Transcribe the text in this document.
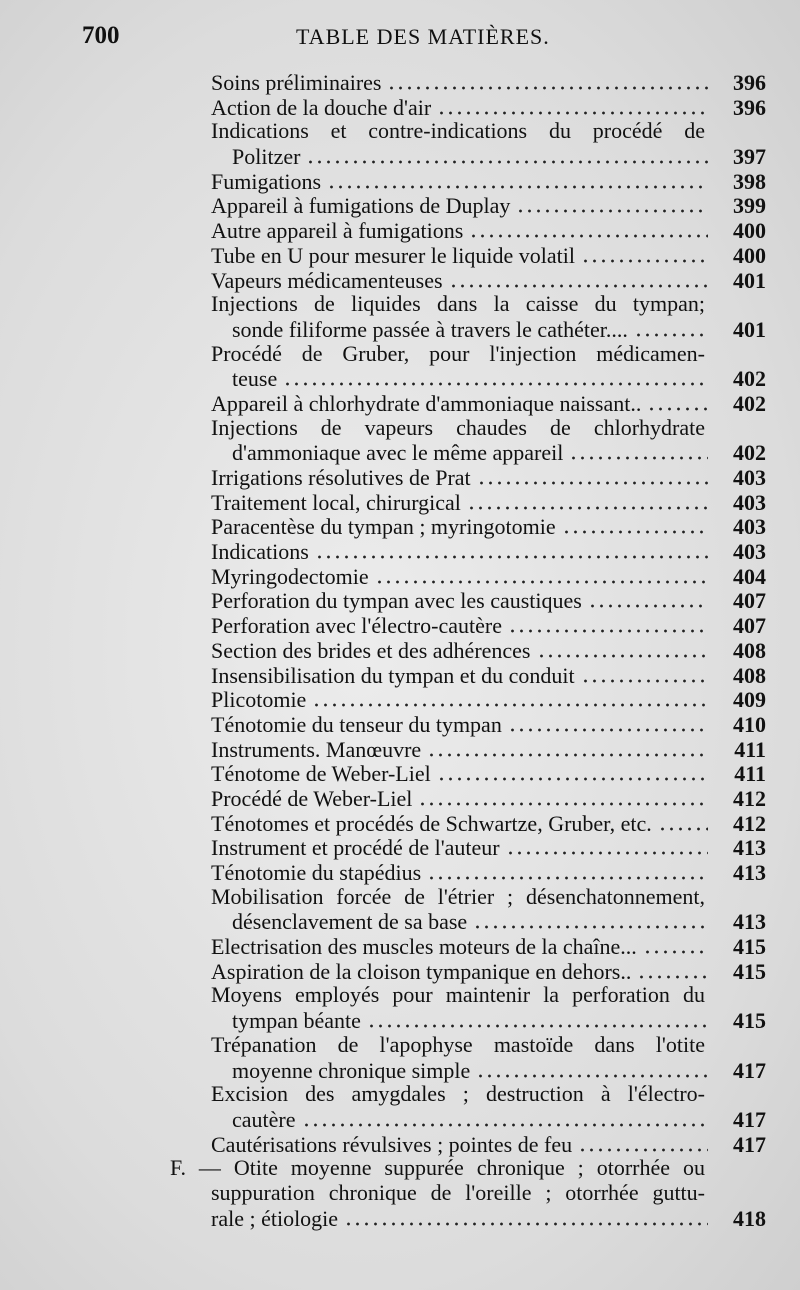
700	TABLE DES MATIÈRES.
Soins préliminaires	396
Action de la douche d'air	396
Indications et contre-indications du procédé de
Politzer	397
Fumigations	398
Appareil à fumigations de Duplay	399
Autre appareil à fumigations	400
Tube en U pour mesurer le liquide volatil	400
Vapeurs médicamenteuses	401
Injections de liquides dans la caisse du tympan;
sonde filiforme passée à travers le cathéter....	401
Procédé de Gruber, pour l'injection médicamen-
teuse	402
Appareil à chlorhydrate d'ammoniaque naissant..	402
Injections de vapeurs chaudes de chlorhydrate
d'ammoniaque avec le même appareil	402
Irrigations résolutives de Prat	403
Traitement local, chirurgical	403
Paracentèse du tympan ; myringotomie	403
Indications	403
Myringodectomie	404
Perforation du tympan avec les caustiques	407
Perforation avec l'électro-cautère	407
Section des brides et des adhérences	408
Insensibilisation du tympan et du conduit	408
Plicotomie	409
Ténotomie du tenseur du tympan	410
Instruments. Manœuvre	411
Ténotome de Weber-Liel	411
Procédé de Weber-Liel	412
Ténotomes et procédés de Schwartze, Gruber, etc.	412
Instrument et procédé de l'auteur	413
Ténotomie du stapédius	413
Mobilisation forcée de l'étrier ; désenchatonnement,
désenclavement de sa base	413
Electrisation des muscles moteurs de la chaîne...	415
Aspiration de la cloison tympanique en dehors..	415
Moyens employés pour maintenir la perforation du
tympan béante	415
Trépanation de l'apophyse mastoïde dans l'otite
moyenne chronique simple	417
Excision des amygdales ; destruction à l'électro-
cautère	417
Cautérisations révulsives ; pointes de feu	417
F. — Otite moyenne suppurée chronique ; otorrhée ou
suppuration chronique de l'oreille ; otorrhée guttu-
rale ; étiologie	418
